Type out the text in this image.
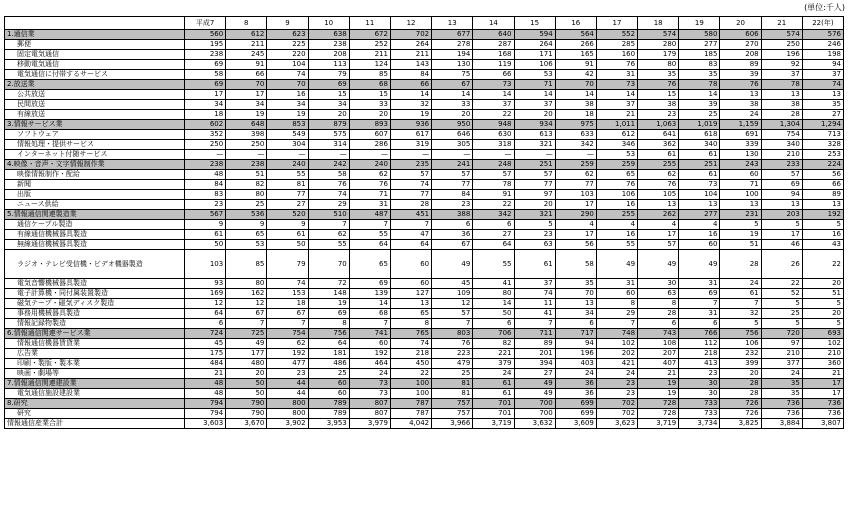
(単位:千人)
	平成7	8	9	10	11	12	13	14	15	16	17	18	19	20	21	22(年)
1.通信業	560	612	623	638	672	702	677	640	594	564	552	574	580	606	574	576
郵便	195	211	225	238	252	264	278	287	264	266	285	280	277	270	250	246
固定電気通信	238	245	220	208	211	211	194	168	171	165	160	179	185	208	196	198
移動電気通信	69	91	104	113	124	143	130	119	106	91	76	80	83	89	92	94
電気通信に付帯するサービス	58	66	74	79	85	84	75	66	53	42	31	35	35	39	37	37
2.放送業	69	70	70	69	68	66	67	73	71	70	73	76	78	76	78	74
公共放送	17	17	16	15	15	14	14	14	14	14	14	15	14	13	13	13
民間放送	34	34	34	34	33	32	33	37	37	38	37	38	39	38	38	35
有線放送	18	19	19	20	20	19	20	22	20	18	21	23	25	24	28	27
3.情報サービス業	602	648	853	879	893	936	950	948	934	975	1,011	1,063	1,019	1,159	1,304	1,294
ソフトウェア	352	398	549	575	607	617	646	630	613	633	612	641	618	691	754	713
情報処理・提供サービス	250	250	304	314	286	319	305	318	321	342	346	362	340	339	340	328
インターネット付随サービス	—	—	—	—	—	—	—	—	—	—	53	61	61	130	210	253
4.映像・音声・文字情報制作業	238	238	240	242	240	235	241	248	251	259	259	255	251	243	233	224
映像情報制作・配給	48	51	55	58	62	57	57	57	57	62	65	62	61	60	57	56
新聞	84	82	81	76	76	74	77	78	77	77	76	76	73	71	69	66
出版	83	80	77	74	71	77	84	91	97	103	106	105	104	100	94	89
ニュース供給	23	25	27	29	31	28	23	22	20	17	16	13	13	13	13	13
5.情報通信関連製造業	567	536	520	510	487	451	388	342	321	290	255	262	277	231	203	192
通信ケーブル製造	9	9	9	7	7	7	6	6	5	4	4	4	4	5	5	5
有線通信機械器具製造	61	65	61	62	55	47	36	27	23	17	16	17	16	19	17	16
無線通信機械器具製造	50	53	50	55	64	64	67	64	63	56	55	57	60	51	46	43
ラジオ・テレビ受信機・ビデオ機器製造	103	85	79	70	65	60	49	55	61	58	49	49	49	28	26	22
電気音響機械器具製造	93	80	74	72	69	60	45	41	37	35	31	30	31	24	22	20
電子計算機・同付属装置製造	169	162	153	148	139	127	109	80	74	70	60	63	69	61	52	51
磁気テープ・磁気ディスク製造	12	12	18	19	14	13	12	14	11	13	8	8	7	7	5	5
事務用機械器具製造	64	67	67	69	68	65	57	50	41	34	29	28	31	32	25	20
情報記録物製造	6	7	7	8	7	8	7	6	7	6	7	6	6	5	5	5
6.情報通信関連サービス業	724	725	754	756	741	765	803	706	711	717	748	743	766	756	720	693
情報通信機器賃貸業	45	49	62	64	60	74	76	82	89	94	102	108	112	106	97	102
広告業	175	177	192	181	192	218	223	221	201	196	202	207	218	232	210	210
印刷・製版・製本業	484	480	477	486	464	450	479	379	394	403	421	407	413	399	377	360
映画・劇場等	21	20	23	25	24	22	25	24	27	24	24	21	23	20	24	21
7.情報通信関連建設業	48	50	44	60	73	100	81	61	49	36	23	19	30	28	35	17
電気通信施設建設業	48	50	44	60	73	100	81	61	49	36	23	19	30	28	35	17
8.研究	794	790	800	789	807	787	757	701	700	699	702	728	733	726	736	736
研究	794	790	800	789	807	787	757	701	700	699	702	728	733	726	736	736
情報通信産業合計	3,603	3,670	3,902	3,953	3,979	4,042	3,966	3,719	3,632	3,609	3,623	3,719	3,734	3,825	3,884	3,807
